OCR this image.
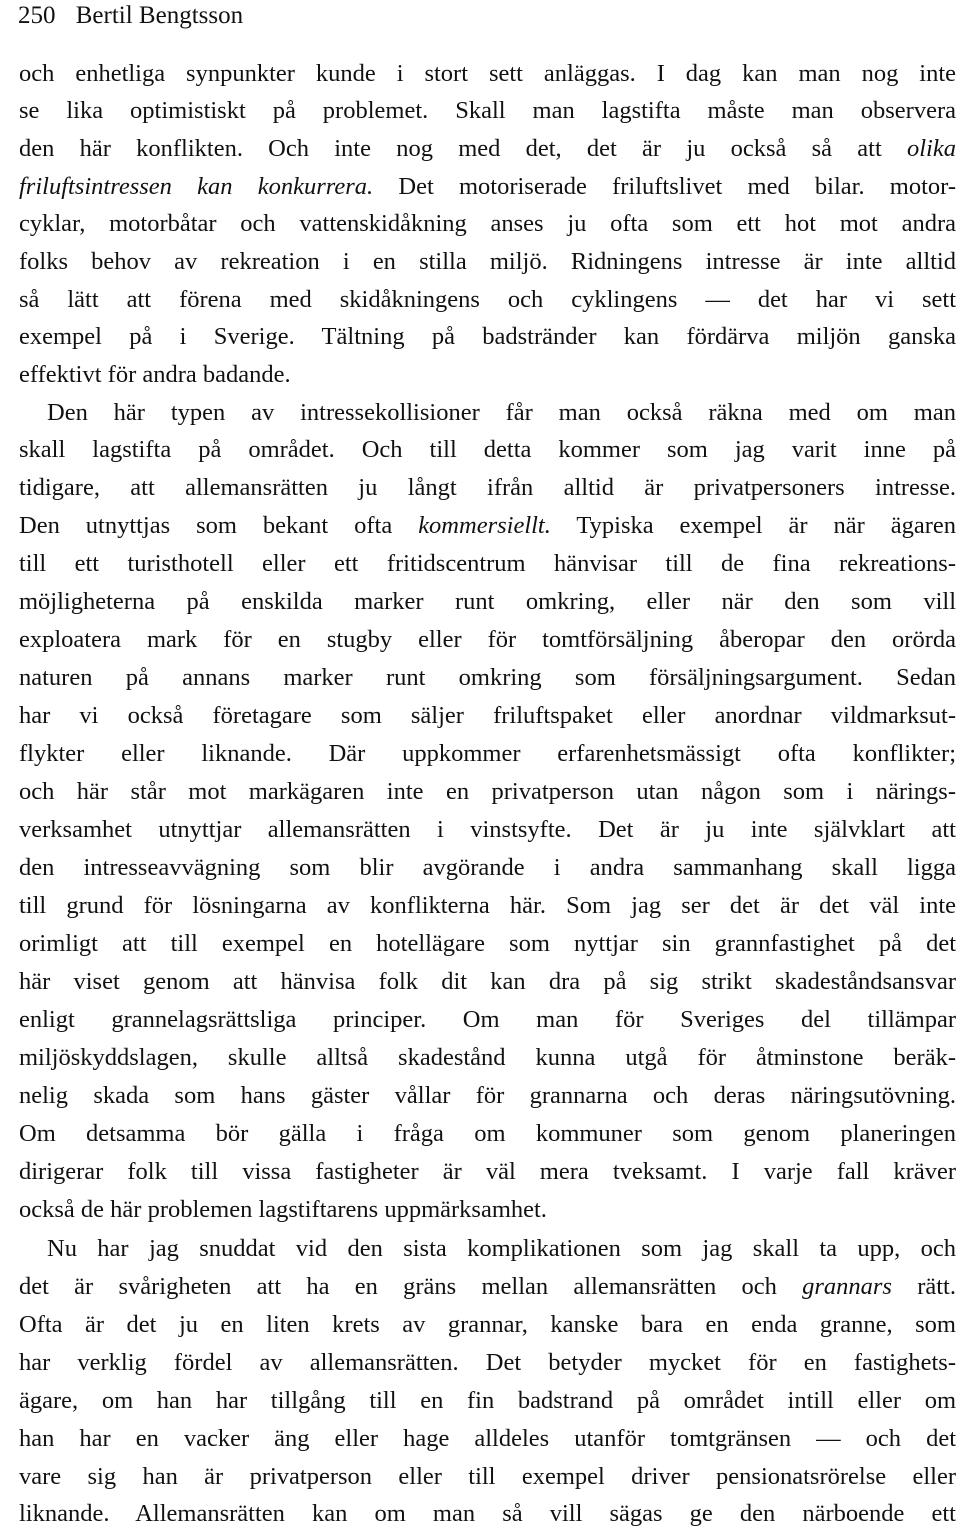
250 Bertil Bengtsson
och enhetliga synpunkter kunde i stort sett anläggas. I dag kan man nog inte
se lika optimistiskt på problemet. Skall man lagstifta måste man observera
den här konflikten. Och inte nog med det, det är ju också så att olika
friluftsintressen kan konkurrera. Det motoriserade friluftslivet med bilar. motor-
cyklar, motorbåtar och vattenskidåkning anses ju ofta som ett hot mot andra
folks behov av rekreation i en stilla miljö. Ridningens intresse är inte alltid
så lätt att förena med skidåkningens och cyklingens — det har vi sett
exempel på i Sverige. Tältning på badstränder kan fördärva miljön ganska
effektivt för andra badande.
Den här typen av intressekollisioner får man också räkna med om man
skall lagstifta på området. Och till detta kommer som jag varit inne på
tidigare, att allemansrätten ju långt ifrån alltid är privatpersoners intresse.
Den utnyttjas som bekant ofta kommersiellt. Typiska exempel är när ägaren
till ett turisthotell eller ett fritidscentrum hänvisar till de fina rekreations-
möjligheterna på enskilda marker runt omkring, eller när den som vill
exploatera mark för en stugby eller för tomtförsäljning åberopar den orörda
naturen på annans marker runt omkring som försäljningsargument. Sedan
har vi också företagare som säljer friluftspaket eller anordnar vildmarksut-
flykter eller liknande. Där uppkommer erfarenhetsmässigt ofta konflikter;
och här står mot markägaren inte en privatperson utan någon som i närings-
verksamhet utnyttjar allemansrätten i vinstsyfte. Det är ju inte självklart att
den intresseavvägning som blir avgörande i andra sammanhang skall ligga
till grund för lösningarna av konflikterna här. Som jag ser det är det väl inte
orimligt att till exempel en hotellägare som nyttjar sin grannfastighet på det
här viset genom att hänvisa folk dit kan dra på sig strikt skadeståndsansvar
enligt grannelagsrättsliga principer. Om man för Sveriges del tillämpar
miljöskyddslagen, skulle alltså skadestånd kunna utgå för åtminstone beräk-
nelig skada som hans gäster vållar för grannarna och deras näringsutövning.
Om detsamma bör gälla i fråga om kommuner som genom planeringen
dirigerar folk till vissa fastigheter är väl mera tveksamt. I varje fall kräver
också de här problemen lagstiftarens uppmärksamhet.
Nu har jag snuddat vid den sista komplikationen som jag skall ta upp, och
det är svårigheten att ha en gräns mellan allemansrätten och grannars rätt.
Ofta är det ju en liten krets av grannar, kanske bara en enda granne, som
har verklig fördel av allemansrätten. Det betyder mycket för en fastighets-
ägare, om han har tillgång till en fin badstrand på området intill eller om
han har en vacker äng eller hage alldeles utanför tomtgränsen — och det
vare sig han är privatperson eller till exempel driver pensionatsrörelse eller
liknande. Allemansrätten kan om man så vill sägas ge den närboende ett
